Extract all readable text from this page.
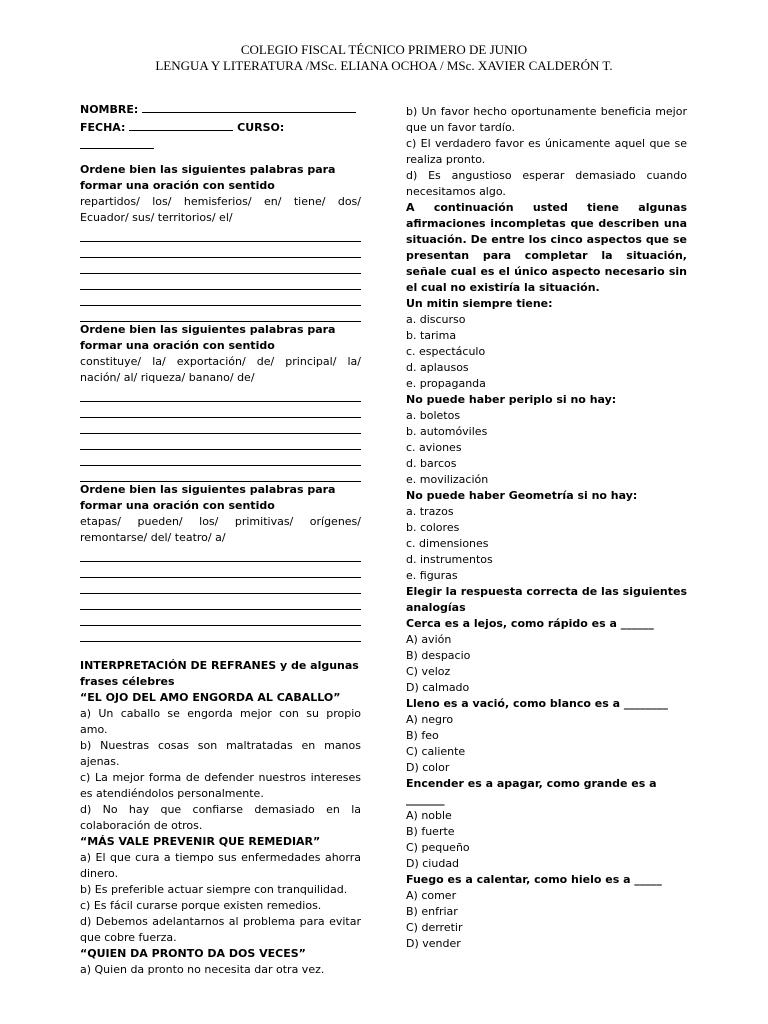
COLEGIO FISCAL TÉCNICO PRIMERO DE JUNIO
LENGUA Y LITERATURA /MSc. ELIANA OCHOA / MSc. XAVIER CALDERÓN T.
NOMBRE:
FECHA:	CURSO:

Ordene bien las siguientes palabras para formar una oración con sentido

repartidos/ los/ hemisferios/ en/ tiene/ dos/ Ecuador/ sus/ territorios/ el/

Ordene bien las siguientes palabras para formar una oración con sentido

constituye/ la/ exportación/ de/ principal/ la/ nación/ al/ riqueza/ banano/ de/

Ordene bien las siguientes palabras para formar una oración con sentido

etapas/ pueden/ los/ primitivas/ orígenes/ remontarse/ del/ teatro/ a/

INTERPRETACIÓN DE REFRANES y de algunas frases célebres

“EL OJO DEL AMO ENGORDA AL CABALLO”

a) Un caballo se engorda mejor con su propio amo.

b) Nuestras cosas son maltratadas en manos ajenas.

c) La mejor forma de defender nuestros intereses es atendiéndolos personalmente.

d) No hay que confiarse demasiado en la colaboración de otros.

“MÁS VALE PREVENIR QUE REMEDIAR”

a) El que cura a tiempo sus enfermedades ahorra dinero.

b) Es preferible actuar siempre con tranquilidad.

c) Es fácil curarse porque existen remedios.

d) Debemos adelantarnos al problema para evitar que cobre fuerza.

“QUIEN DA PRONTO DA DOS VECES”

a) Quien da pronto no necesita dar otra vez.

b) Un favor hecho oportunamente beneficia mejor que un favor tardío.

c) El verdadero favor es únicamente aquel que se realiza pronto.

d) Es angustioso esperar demasiado cuando necesitamos algo.

A continuación usted tiene algunas afirmaciones incompletas que describen una situación. De entre los cinco aspectos que se presentan para completar la situación, señale cual es el único aspecto necesario sin el cual no existiría la situación.

Un mitin siempre tiene:

a. discurso

b. tarima

c. espectáculo

d. aplausos

e. propaganda

No puede haber periplo si no hay:

a. boletos

b. automóviles

c. aviones

d. barcos

e. movilización

No puede haber Geometría si no hay:

a. trazos

b. colores

c. dimensiones

d. instrumentos

e. figuras

Elegir la respuesta correcta de las siguientes analogías

Cerca es a lejos, como rápido es a ______

A) avión

B) despacio

C) veloz

D) calmado

Lleno es a vació, como blanco es a ________

A) negro

B) feo

C) caliente

D) color

Encender es a apagar, como grande es a _______

A) noble

B) fuerte

C) pequeño

D) ciudad

Fuego es a calentar, como hielo es a _____

A) comer

B) enfriar

C) derretir

D) vender
